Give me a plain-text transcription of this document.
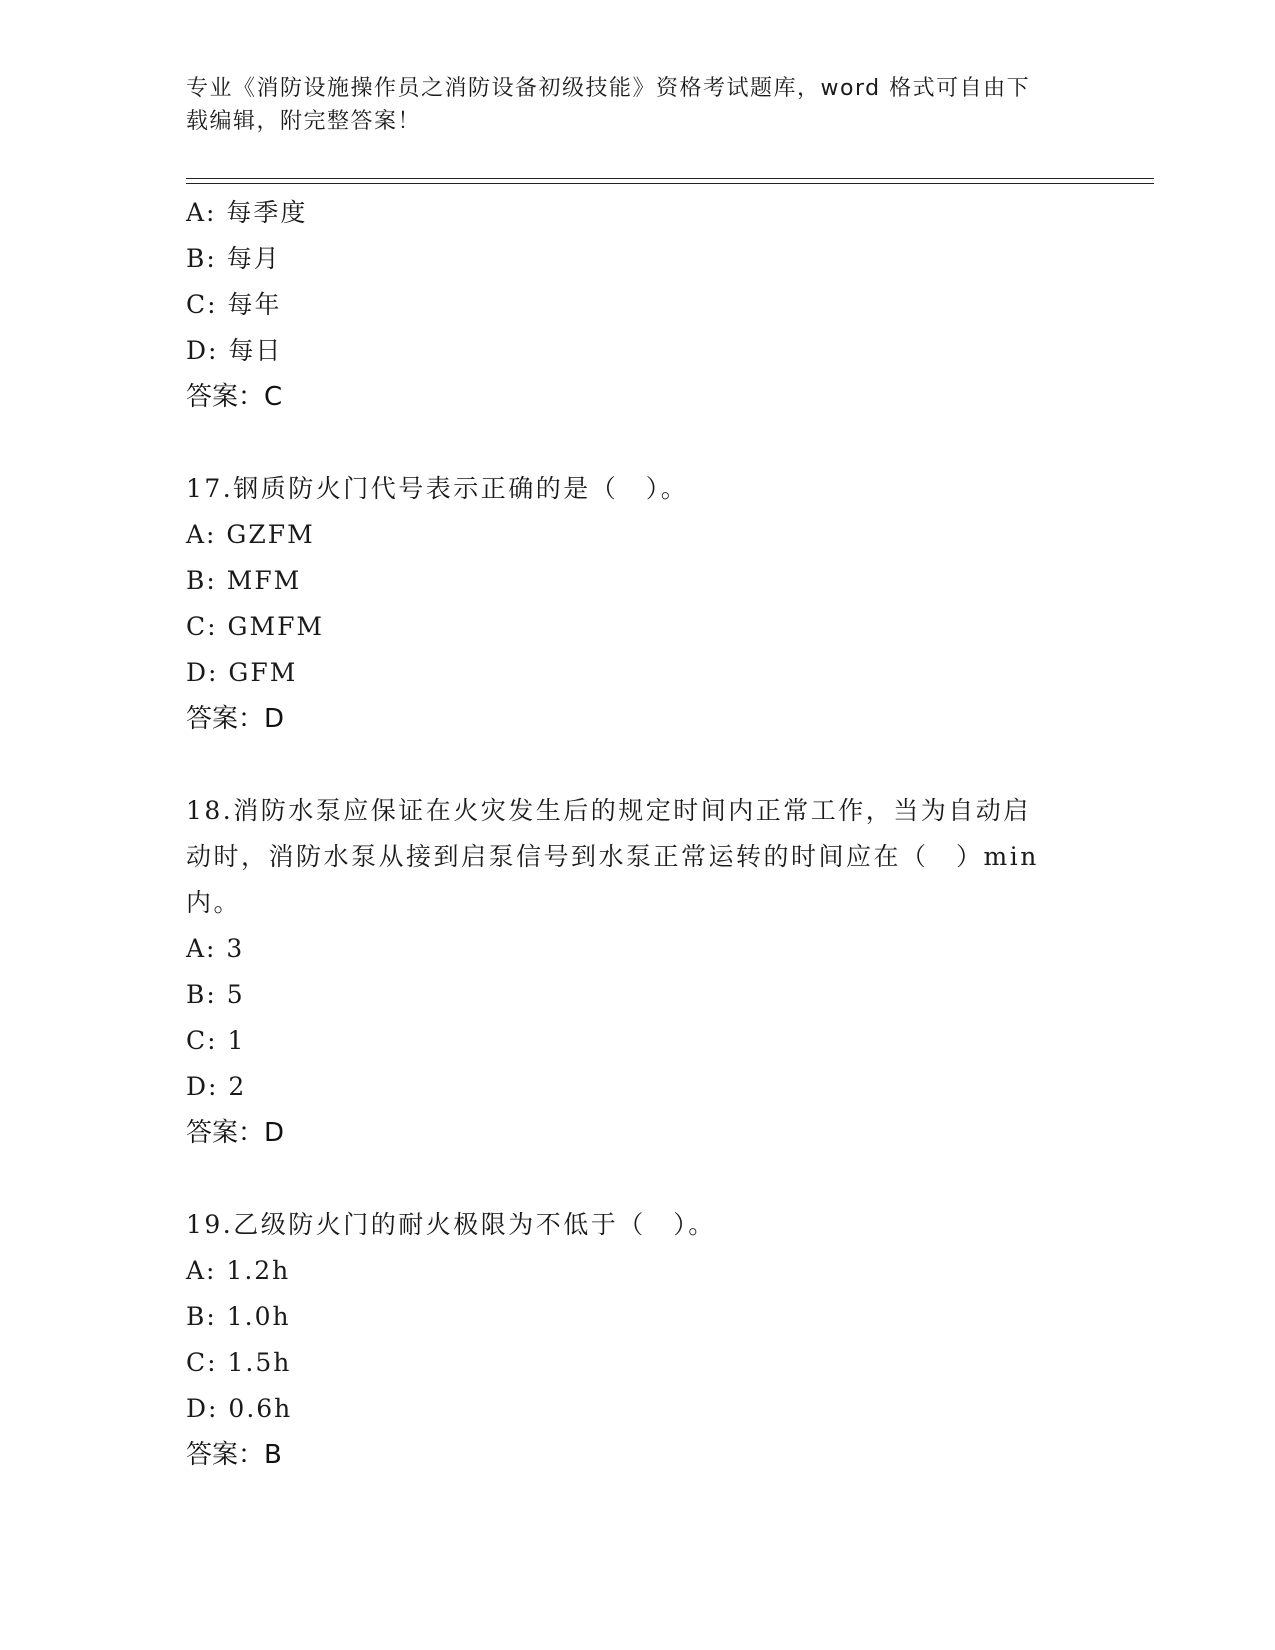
专业《消防设施操作员之消防设备初级技能》资格考试题库，word 格式可自由下
载编辑，附完整答案！
A: 每季度
B: 每月
C: 每年
D: 每日
答案：C
17.钢质防火门代号表示正确的是（　）。
A: GZFM
B: MFM
C: GMFM
D: GFM
答案：D
18.消防水泵应保证在火灾发生后的规定时间内正常工作，当为自动启
动时，消防水泵从接到启泵信号到水泵正常运转的时间应在（　）min
内。
A: 3
B: 5
C: 1
D: 2
答案：D
19.乙级防火门的耐火极限为不低于（　）。
A: 1.2h
B: 1.0h
C: 1.5h
D: 0.6h
答案：B
